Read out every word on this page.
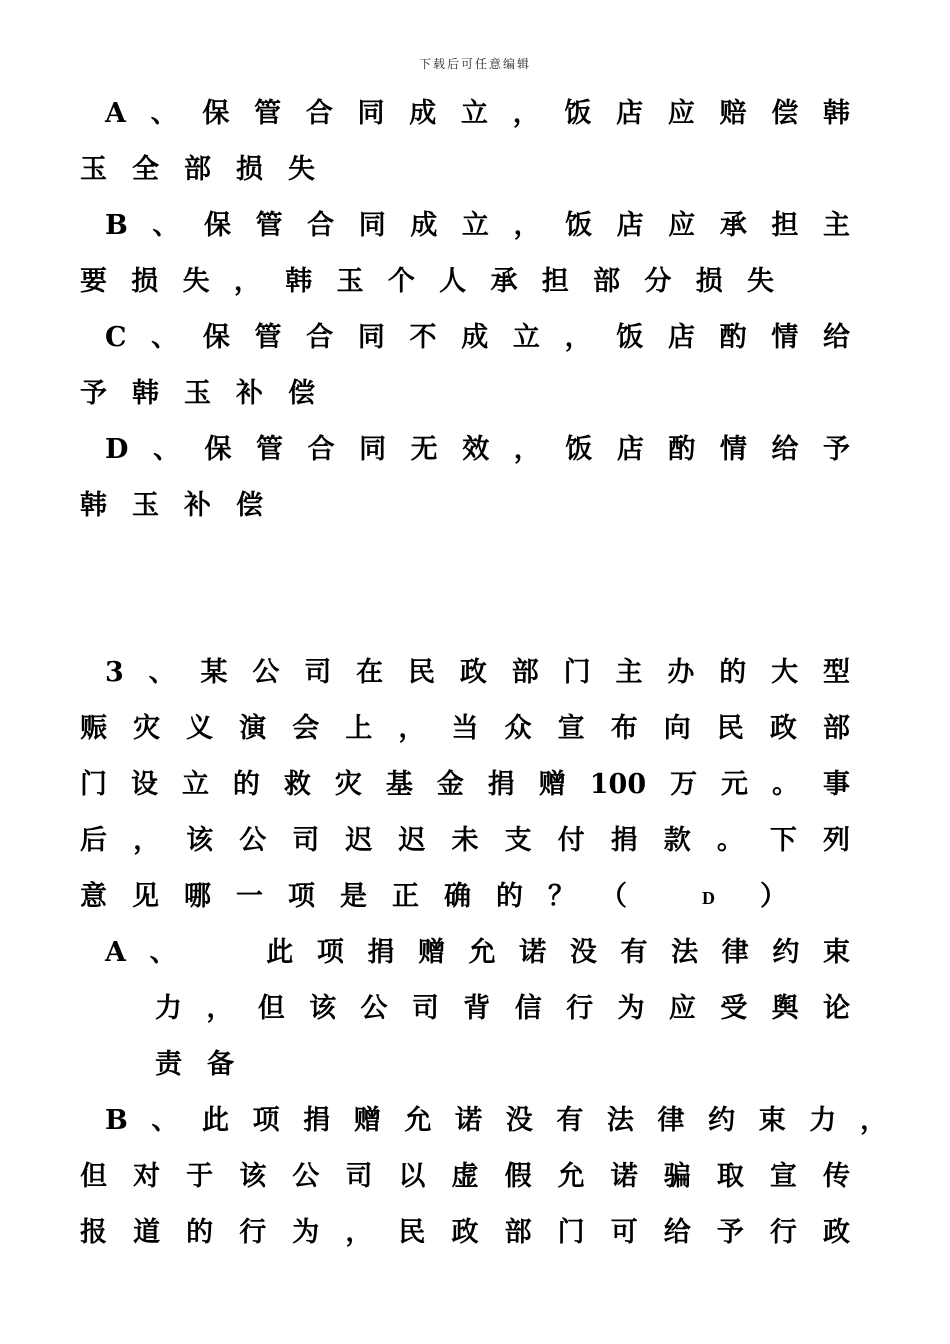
下载后可任意编辑
A、保管合同成立，饭店应赔偿韩
玉全部损失
B、保管合同成立，饭店应承担主
要损失，韩玉个人承担部分损失
C、保管合同不成立，饭店酌情给
予韩玉补偿
D、保管合同无效，饭店酌情给予
韩玉补偿
3、某公司在民政部门主办的大型
赈灾义演会上，当众宣布向民政部
门设立的救灾基金捐赠100万元。事
后，该公司迟迟未支付捐款。下列
意见哪一项是正确的？（	D ）
A、  此项捐赠允诺没有法律约束
力，但该公司背信行为应受舆论
责备
B、此项捐赠允诺没有法律约束力，
但对于该公司以虚假允诺骗取宣传
报道的行为，民政部门可给予行政
